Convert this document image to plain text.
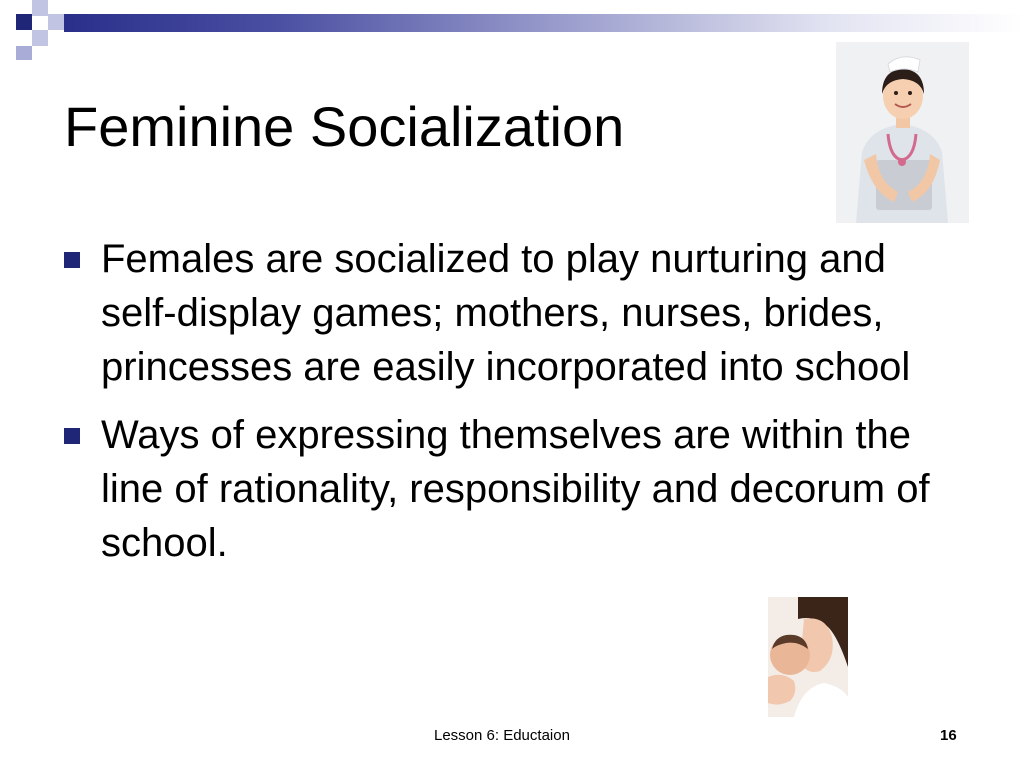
Feminine Socialization
Females are socialized to play nurturing and self-display games; mothers, nurses, brides, princesses are easily incorporated into school
Ways of expressing themselves are within the line of rationality, responsibility and decorum of school.
Lesson 6: Eductaion	16
